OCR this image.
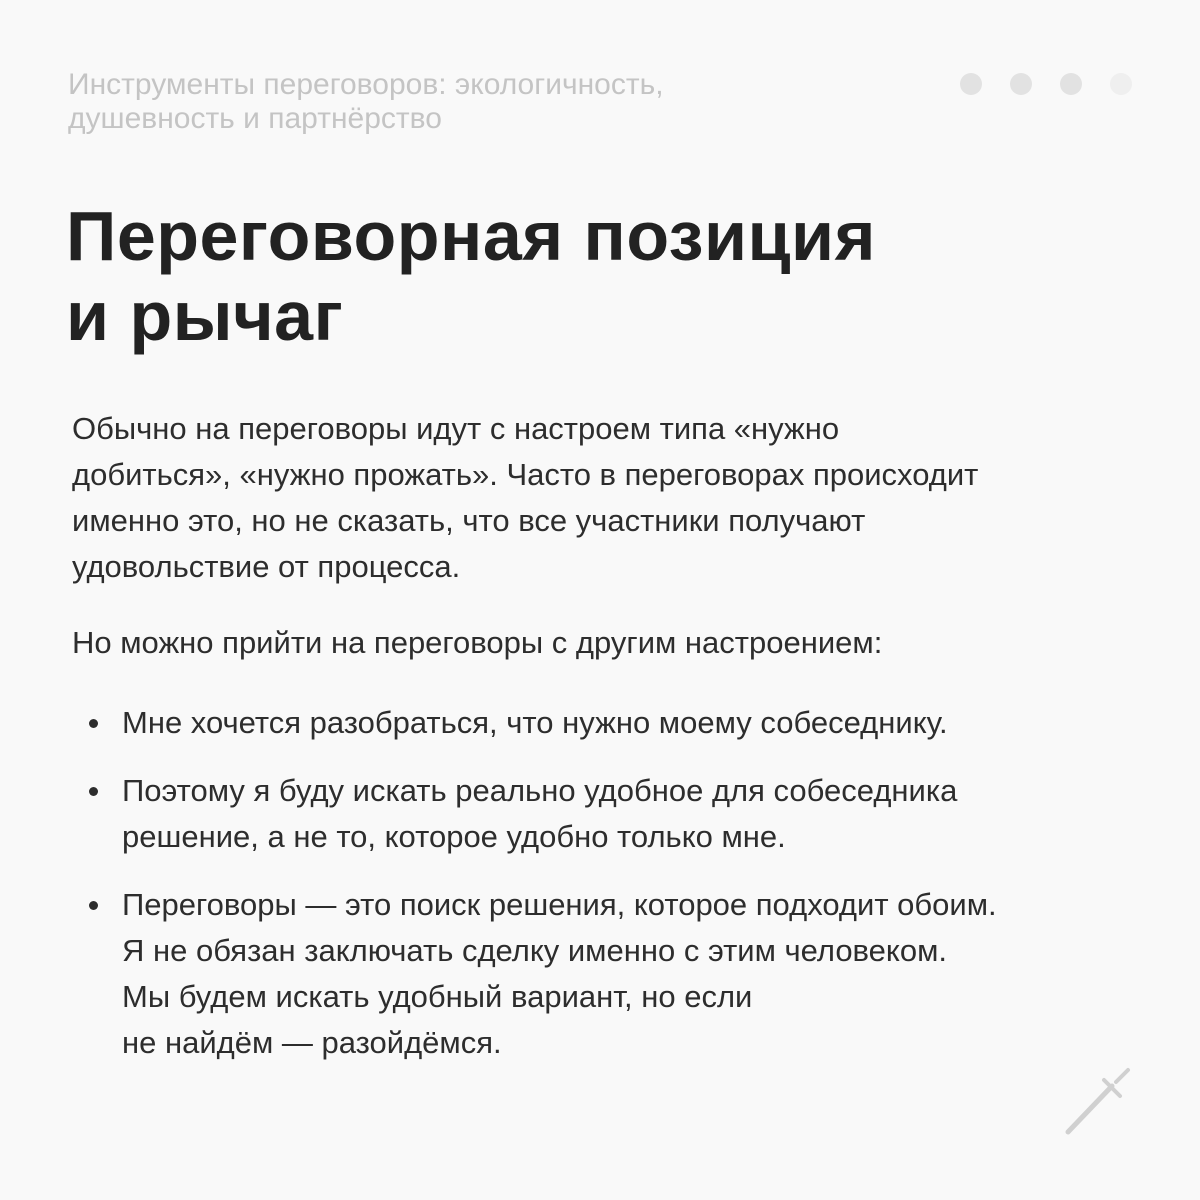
Инструменты переговоров: экологичность,
душевность и партнёрство
Переговорная позиция
и рычаг

Обычно на переговоры идут с настроем типа «нужно
добиться», «нужно прожать». Часто в переговорах происходит
именно это, но не сказать, что все участники получают
удовольствие от процесса.

Но можно прийти на переговоры с другим настроением:

Мне хочется разобраться, что нужно моему собеседнику.
Поэтому я буду искать реально удобное для собеседника
решение, а не то, которое удобно только мне.
Переговоры — это поиск решения, которое подходит обоим.
Я не обязан заключать сделку именно с этим человеком.
Мы будем искать удобный вариант, но если
не найдём — разойдёмся.
